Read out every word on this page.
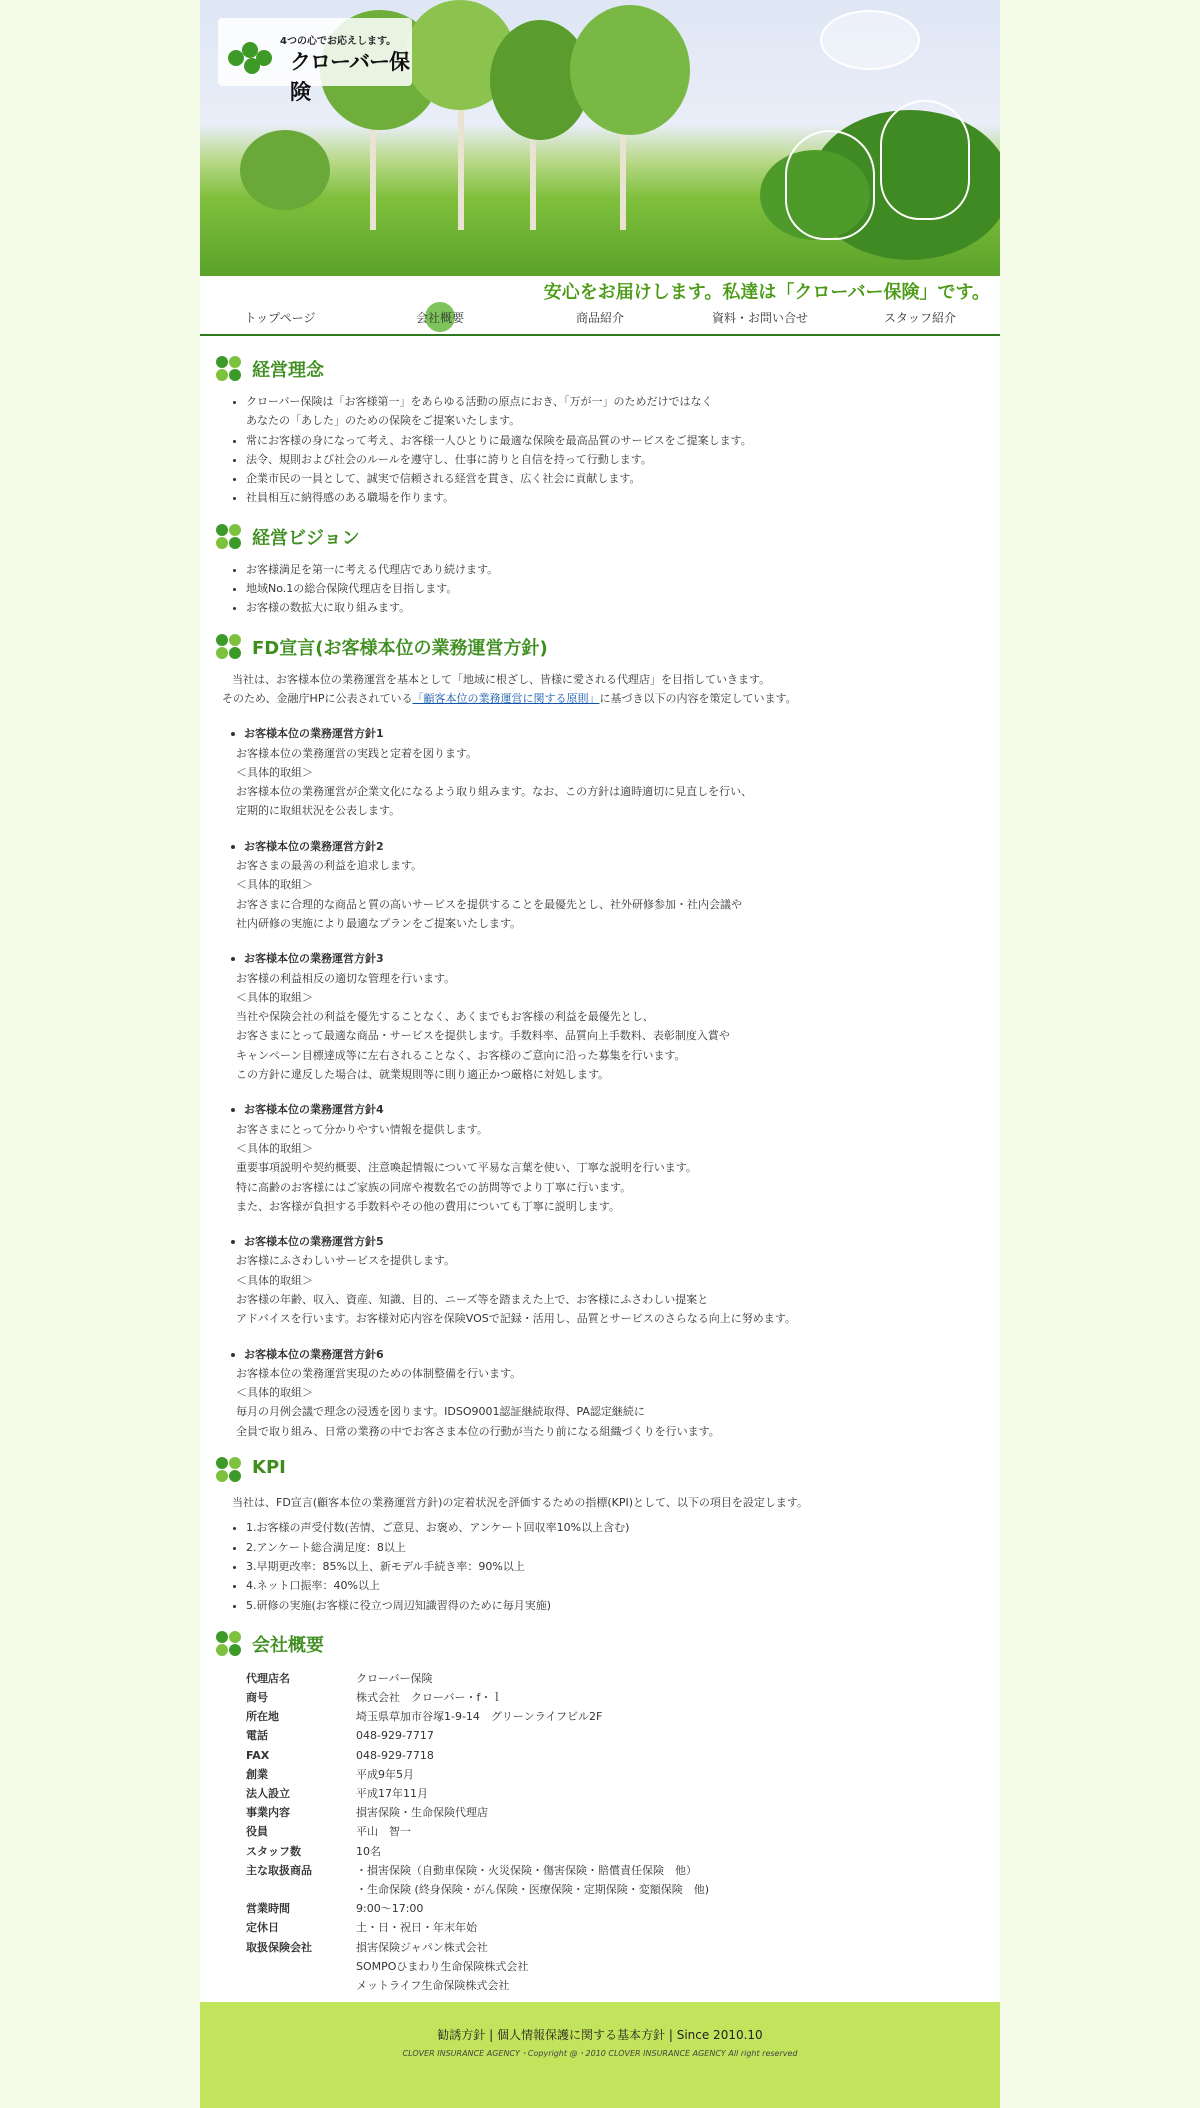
4つの心でお応えします。
クローバー保険
安心をお届けします。私達は「クローバー保険」です。
トップページ	会社概要	商品紹介	資料・お問い合せ	スタッフ紹介
経営理念
• クローバー保険は「お客様第一」をあらゆる活動の原点におき、「万が一」のためだけではなく
あなたの「あした」のための保険をご提案いたします。
• 常にお客様の身になって考え、お客様一人ひとりに最適な保険を最高品質のサービスをご提案します。
• 法令、規則および社会のルールを遵守し、仕事に誇りと自信を持って行動します。
• 企業市民の一員として、誠実で信頼される経営を貫き、広く社会に貢献します。
• 社員相互に納得感のある職場を作ります。
経営ビジョン
• お客様満足を第一に考える代理店であり続けます。
• 地域No.1の総合保険代理店を目指します。
• お客様の数拡大に取り組みます。
FD宣言(お客様本位の業務運営方針)
当社は、お客様本位の業務運営を基本として「地域に根ざし、皆様に愛される代理店」を目指していきます。
そのため、金融庁HPに公表されている「顧客本位の業務運営に関する原則」に基づき以下の内容を策定しています。
お客様本位の業務運営方針1
お客様本位の業務運営の実践と定着を図ります。
＜具体的取組＞
お客様本位の業務運営が企業文化になるよう取り組みます。なお、この方針は適時適切に見直しを行い、
定期的に取組状況を公表します。
お客様本位の業務運営方針2
お客さまの最善の利益を追求します。
＜具体的取組＞
お客さまに合理的な商品と質の高いサービスを提供することを最優先とし、社外研修参加・社内会議や
社内研修の実施により最適なプランをご提案いたします。
お客様本位の業務運営方針3
お客様の利益相反の適切な管理を行います。
＜具体的取組＞
当社や保険会社の利益を優先することなく、あくまでもお客様の利益を最優先とし、
お客さまにとって最適な商品・サービスを提供します。手数料率、品質向上手数料、表彰制度入賞や
キャンペーン目標達成等に左右されることなく、お客様のご意向に沿った募集を行います。
この方針に違反した場合は、就業規則等に則り適正かつ厳格に対処します。
お客様本位の業務運営方針4
お客さまにとって分かりやすい情報を提供します。
＜具体的取組＞
重要事項説明や契約概要、注意喚起情報について平易な言葉を使い、丁寧な説明を行います。
特に高齢のお客様にはご家族の同席や複数名での訪問等でより丁寧に行います。
また、お客様が負担する手数料やその他の費用についても丁寧に説明します。
お客様本位の業務運営方針5
お客様にふさわしいサービスを提供します。
＜具体的取組＞
お客様の年齢、収入、資産、知識、目的、ニーズ等を踏まえた上で、お客様にふさわしい提案と
アドバイスを行います。お客様対応内容を保険VOSで記録・活用し、品質とサービスのさらなる向上に努めます。
お客様本位の業務運営方針6
お客様本位の業務運営実現のための体制整備を行います。
＜具体的取組＞
毎月の月例会議で理念の浸透を図ります。IDSO9001認証継続取得、PA認定継続に
全員で取り組み、日常の業務の中でお客さま本位の行動が当たり前になる組織づくりを行います。
KPI
当社は、FD宣言(顧客本位の業務運営方針)の定着状況を評価するための指標(KPI)として、以下の項目を設定します。
• 1.お客様の声受付数(苦情、ご意見、お褒め、アンケート回収率10%以上含む)
• 2.アンケート総合満足度：8以上
• 3.早期更改率：85%以上、新モデル手続き率：90%以上
• 4.ネット口振率：40%以上
• 5.研修の実施(お客様に役立つ周辺知識習得のために毎月実施)
会社概要
代理店名	クローバー保険
商号	株式会社　クローバー・f・ｌ
所在地	埼玉県草加市谷塚1-9-14　グリーンライフビル2F
電話	048-929-7717
FAX	048-929-7718
創業	平成9年5月
法人設立	平成17年11月
事業内容	損害保険・生命保険代理店
役員	平山　智一
スタッフ数	10名
主な取扱商品	・損害保険（自動車保険・火災保険・傷害保険・賠償責任保険　他）
	・生命保険 (終身保険・がん保険・医療保険・定期保険・変額保険　他)
営業時間	9:00〜17:00
定休日	土・日・祝日・年末年始
取扱保険会社	損害保険ジャパン株式会社
	SOMPOひまわり生命保険株式会社
	メットライフ生命保険株式会社
勧誘方針 | 個人情報保護に関する基本方針 | Since 2010.10
CLOVER INSURANCE AGENCY・Copyright @・2010 CLOVER INSURANCE AGENCY All right reserved
